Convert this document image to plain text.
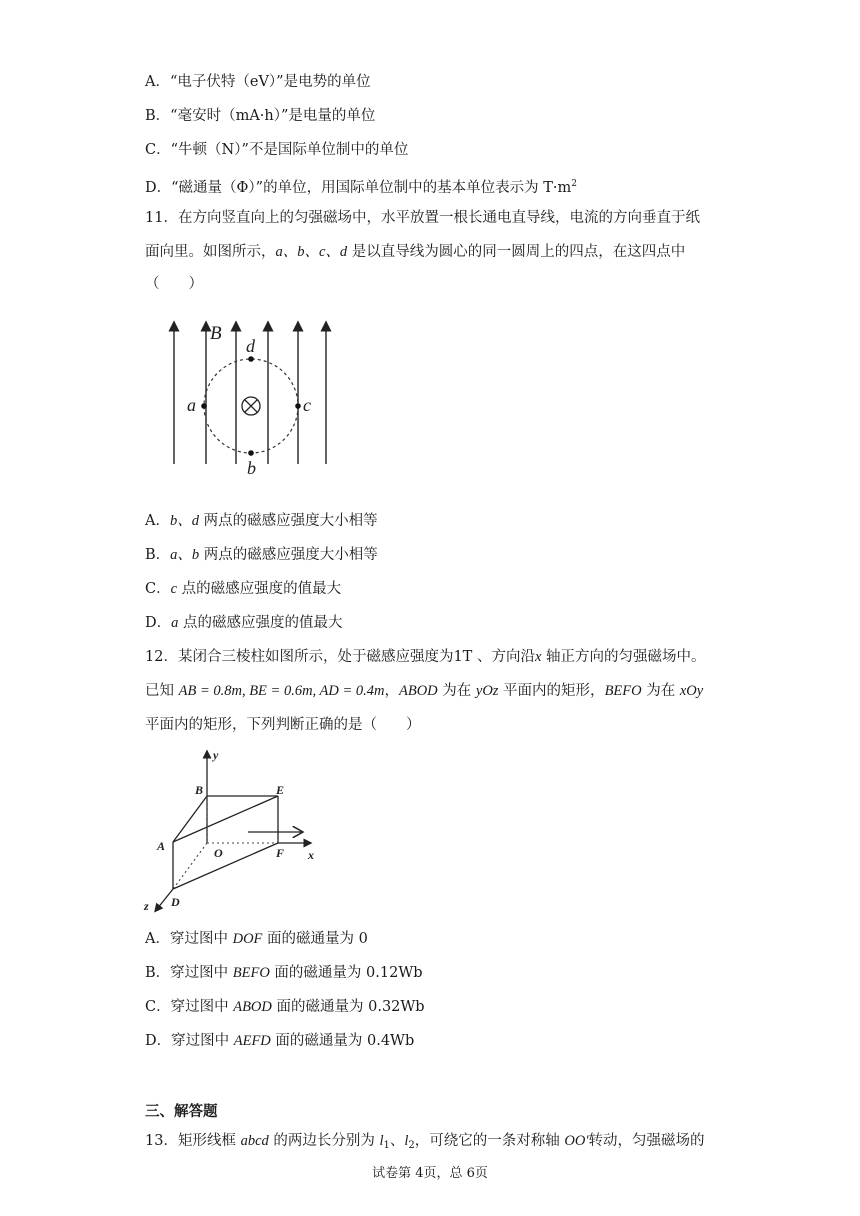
A．“电子伏特（eV）”是电势的单位
B．“毫安时（mA·h）”是电量的单位
C．“牛顿（N）”不是国际单位制中的单位
D．“磁通量（Φ）”的单位，用国际单位制中的基本单位表示为 $T\cdot m^2$
11．在方向竖直向上的匀强磁场中，水平放置一根长通电直导线，电流的方向垂直于纸
面向里。如图所示，a、b、c、d 是以直导线为圆心的同一圆周上的四点，在这四点中
（　　）
B
d
a	c
b
A．b、d 两点的磁感应强度大小相等
B．a、b 两点的磁感应强度大小相等
C．c 点的磁感应强度的值最大
D．a 点的磁感应强度的值最大
12．某闭合三棱柱如图所示，处于磁感应强度为1T 、方向沿x 轴正方向的匀强磁场中。
已知 AB = 0.8m, BE = 0.6m, AD = 0.4m，ABOD 为在 yOz 平面内的矩形，BEFO 为在 xOy
平面内的矩形，下列判断正确的是（　　）
y
B	E
A	O	F x
z D
A．穿过图中 DOF 面的磁通量为 0
B．穿过图中 BEFO 面的磁通量为 0.12Wb
C．穿过图中 ABOD 面的磁通量为 0.32Wb
D．穿过图中 AEFD 面的磁通量为 0.4Wb
三、解答题
13．矩形线框 abcd 的两边长分别为 $l_1$、$l_2$，可绕它的一条对称轴 OO′转动，匀强磁场的
试卷第 4页，总 6页
